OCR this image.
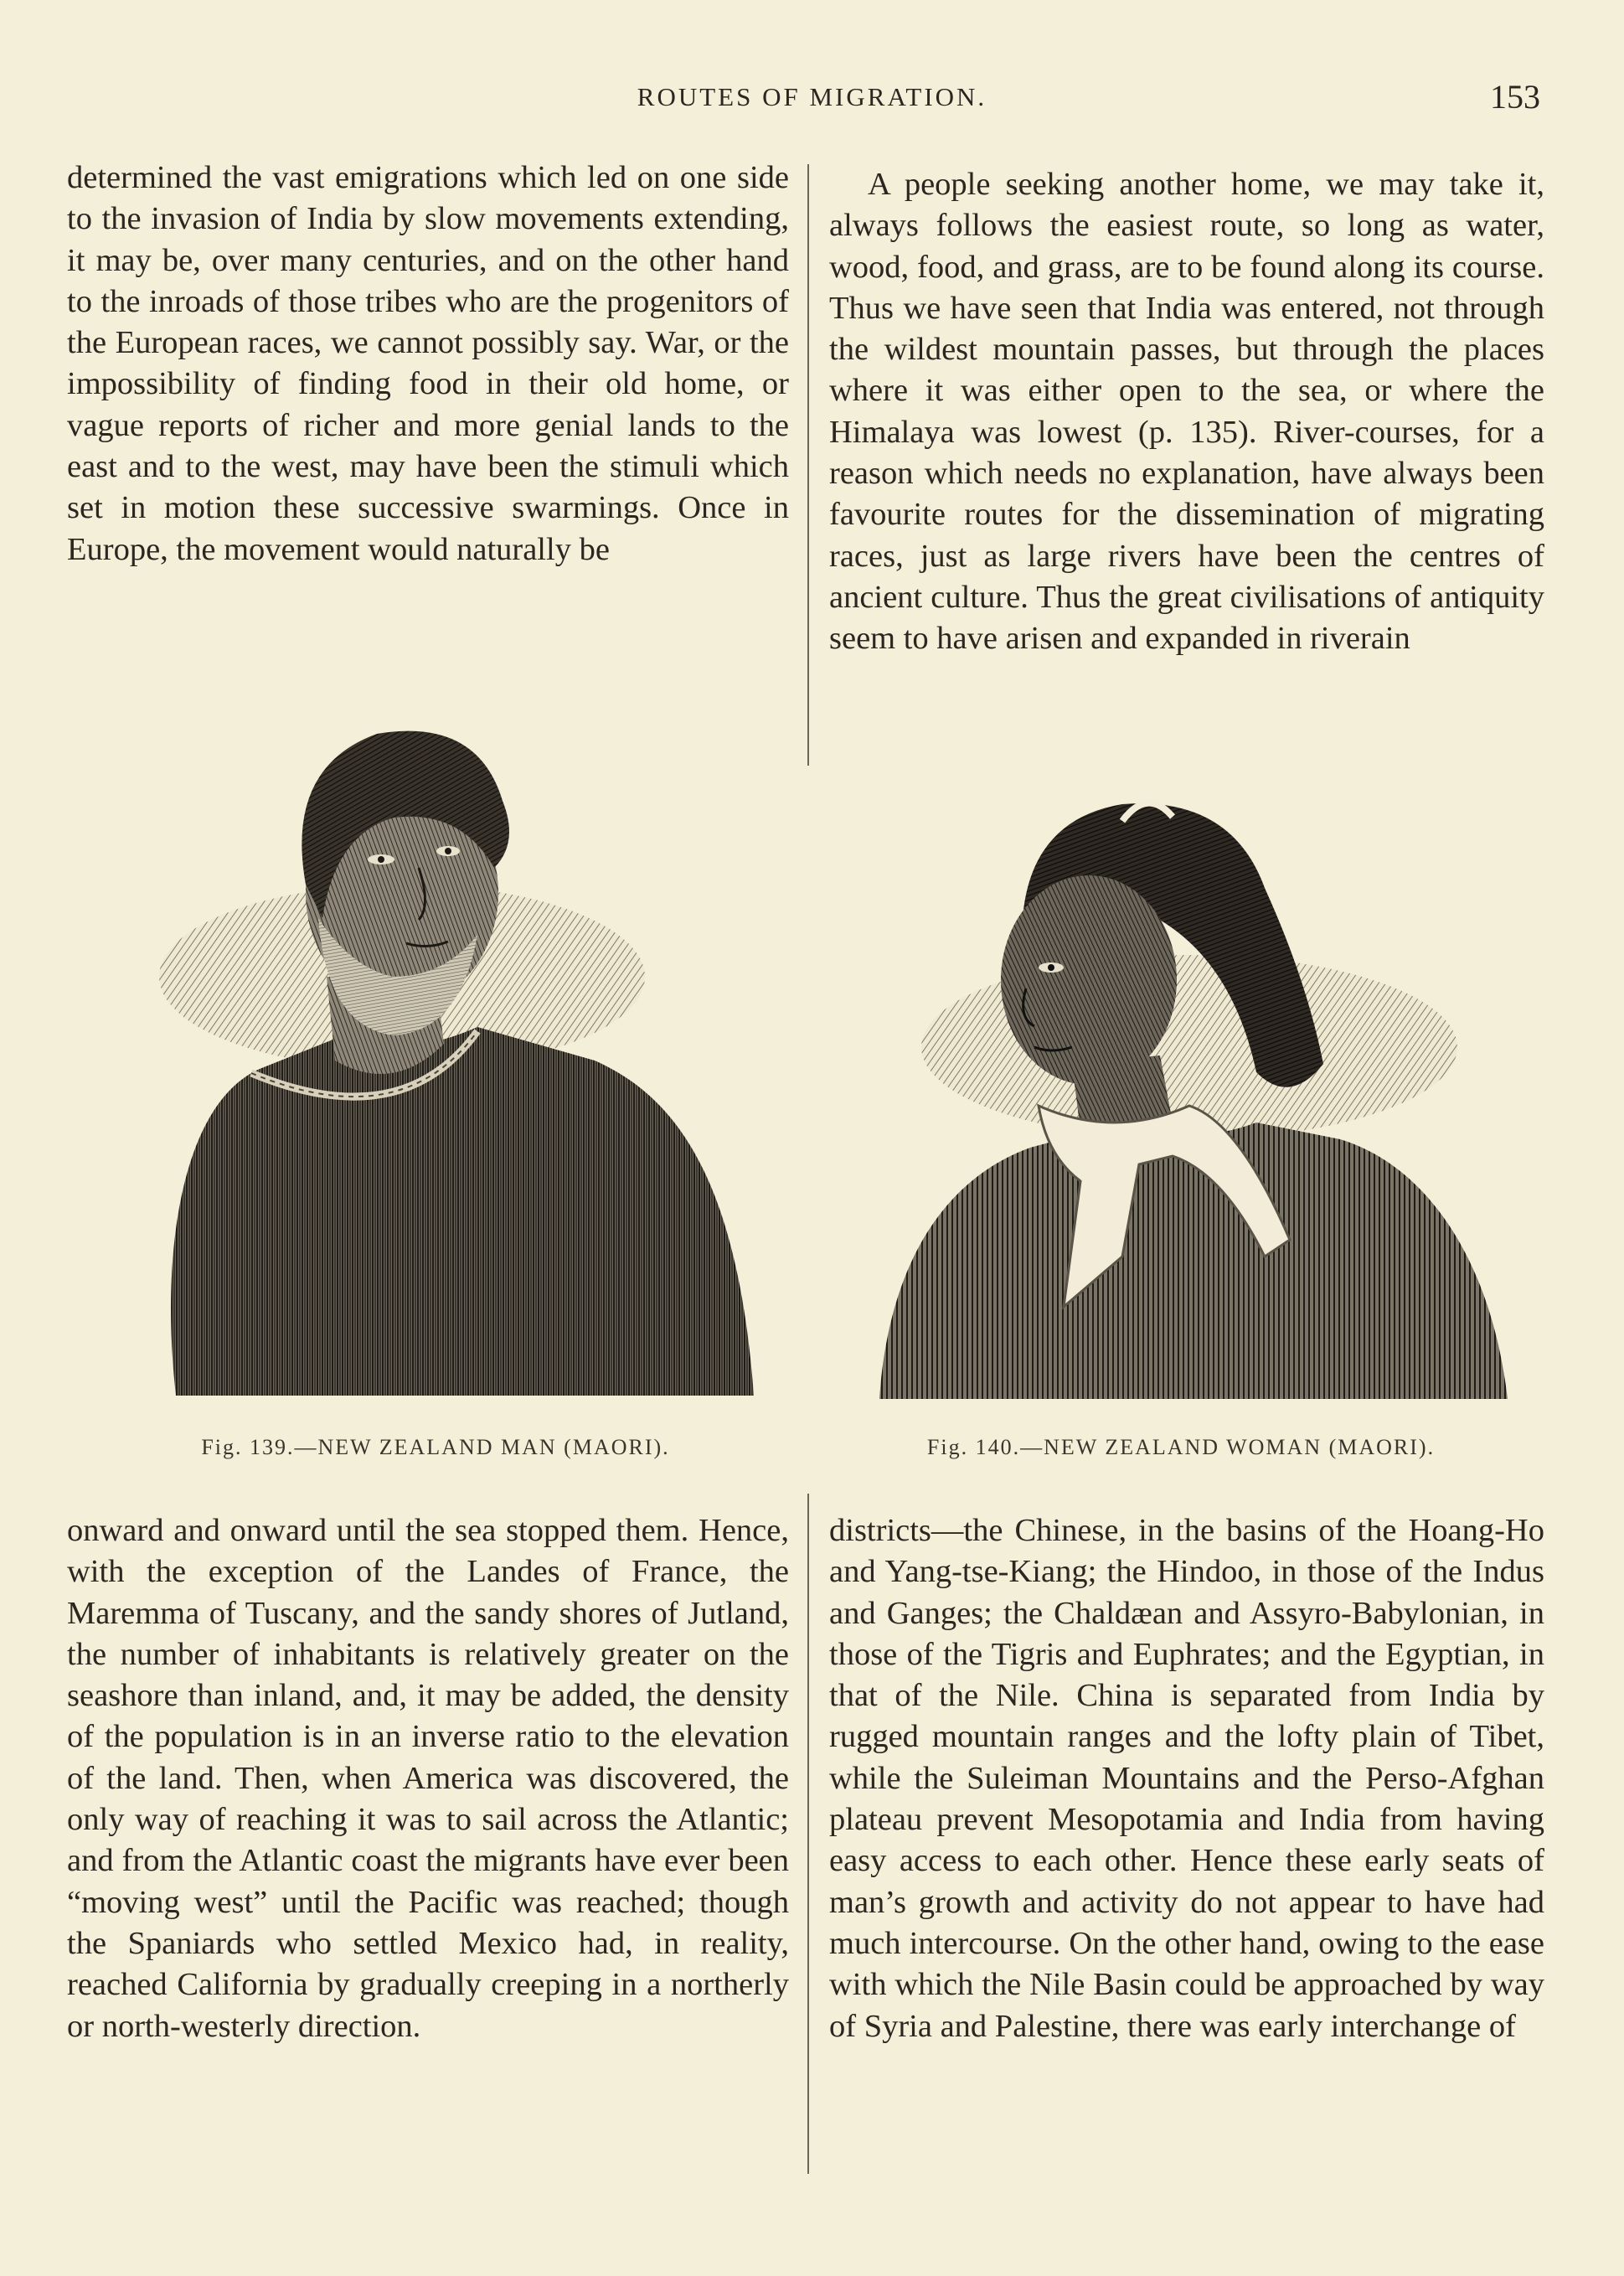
ROUTES OF MIGRATION.	153
determined the vast emigrations which led on one side to the invasion of India by slow movements extending, it may be, over many centuries, and on the other hand to the inroads of those tribes who are the progenitors of the European races, we cannot possibly say. War, or the impossibility of finding food in their old home, or vague reports of richer and more genial lands to the east and to the west, may have been the stimuli which set in motion these successive swarmings. Once in Europe, the movement would naturally be
A people seeking another home, we may take it, always follows the easiest route, so long as water, wood, food, and grass, are to be found along its course. Thus we have seen that India was entered, not through the wildest mountain passes, but through the places where it was either open to the sea, or where the Himalaya was lowest (p. 135). River-courses, for a reason which needs no explanation, have always been favourite routes for the dissemination of migrating races, just as large rivers have been the centres of ancient culture. Thus the great civilisations of antiquity seem to have arisen and expanded in riverain
Fig. 139.—NEW ZEALAND MAN (MAORI).	Fig. 140.—NEW ZEALAND WOMAN (MAORI).
onward and onward until the sea stopped them. Hence, with the exception of the Landes of France, the Maremma of Tuscany, and the sandy shores of Jutland, the number of inhabitants is relatively greater on the seashore than inland, and, it may be added, the density of the population is in an inverse ratio to the elevation of the land. Then, when America was discovered, the only way of reaching it was to sail across the Atlantic; and from the Atlantic coast the migrants have ever been “moving west” until the Pacific was reached; though the Spaniards who settled Mexico had, in reality, reached California by gradually creeping in a northerly or north-westerly direction.
districts—the Chinese, in the basins of the Hoang-Ho and Yang-tse-Kiang; the Hindoo, in those of the Indus and Ganges; the Chaldæan and Assyro-Babylonian, in those of the Tigris and Euphrates; and the Egyptian, in that of the Nile. China is separated from India by rugged mountain ranges and the lofty plain of Tibet, while the Suleiman Mountains and the Perso-Afghan plateau prevent Mesopotamia and India from having easy access to each other. Hence these early seats of man’s growth and activity do not appear to have had much intercourse. On the other hand, owing to the ease with which the Nile Basin could be approached by way of Syria and Palestine, there was early interchange of
